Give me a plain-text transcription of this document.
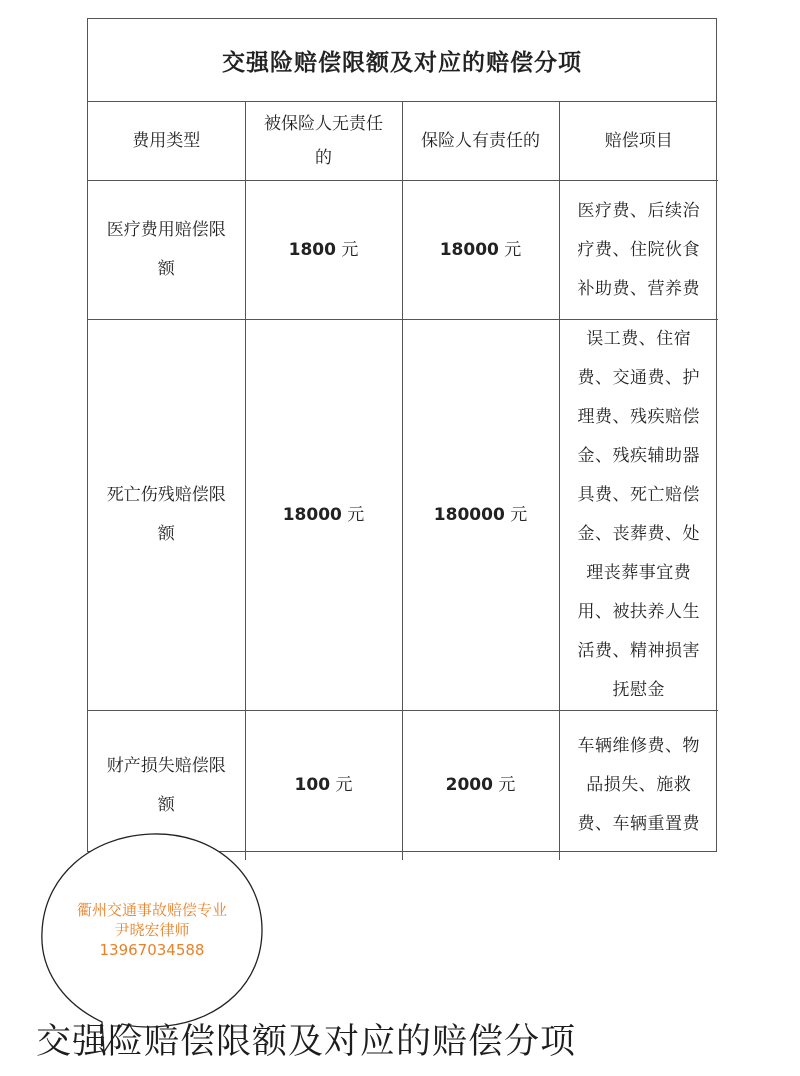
交强险赔偿限额及对应的赔偿分项
费用类型	被保险人无责任的	保险人有责任的	赔偿项目
医疗费用赔偿限额	1800 元	18000 元	医疗费、后续治疗费、住院伙食补助费、营养费
死亡伤残赔偿限额	18000 元	180000 元	误工费、住宿费、交通费、护理费、残疾赔偿金、残疾辅助器具费、死亡赔偿金、丧葬费、处理丧葬事宜费用、被扶养人生活费、精神损害抚慰金
财产损失赔偿限额	100 元	2000 元	车辆维修费、物品损失、施救费、车辆重置费
衢州交通事故赔偿专业
尹晓宏律师
13967034588
交强险赔偿限额及对应的赔偿分项
